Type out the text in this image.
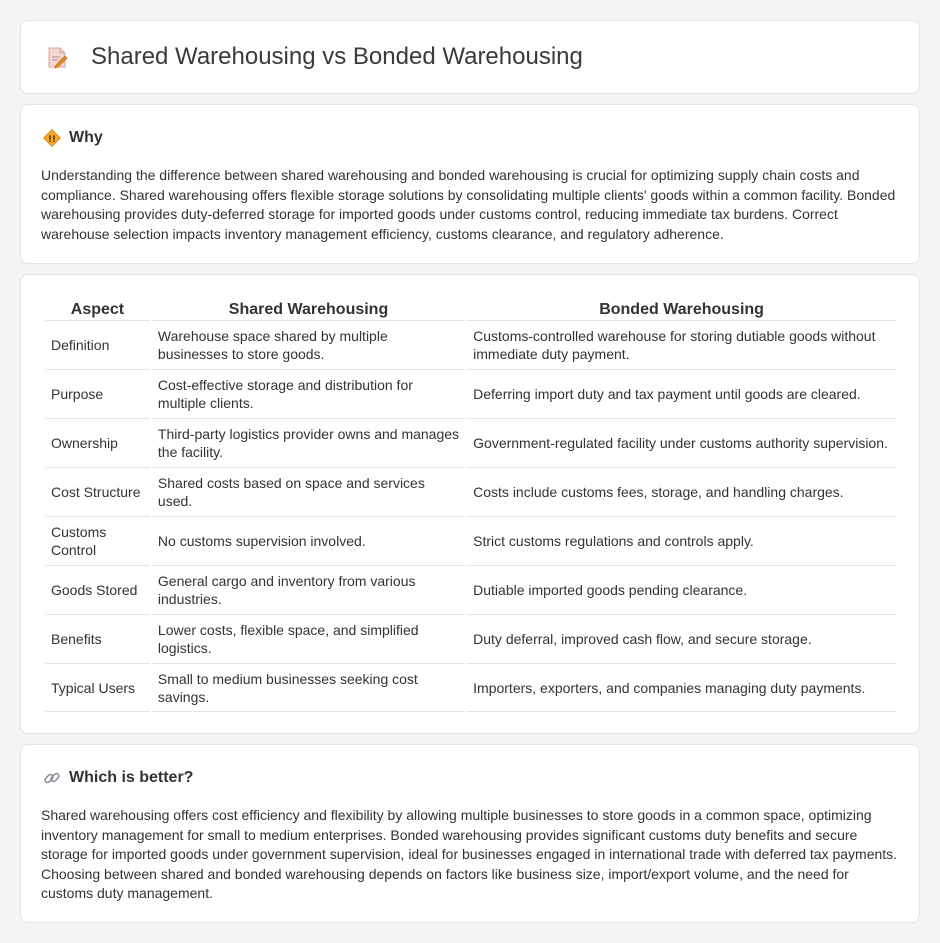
Shared Warehousing vs Bonded Warehousing
Why

Understanding the difference between shared warehousing and bonded warehousing is crucial for optimizing supply chain costs and compliance. Shared warehousing offers flexible storage solutions by consolidating multiple clients' goods within a common facility. Bonded warehousing provides duty-deferred storage for imported goods under customs control, reducing immediate tax burdens. Correct warehouse selection impacts inventory management efficiency, customs clearance, and regulatory adherence.

Aspect	Shared Warehousing	Bonded Warehousing
Definition	Warehouse space shared by multiple businesses to store goods.	Customs-controlled warehouse for storing dutiable goods without immediate duty payment.
Purpose	Cost-effective storage and distribution for multiple clients.	Deferring import duty and tax payment until goods are cleared.
Ownership	Third-party logistics provider owns and manages the facility.	Government-regulated facility under customs authority supervision.
Cost Structure	Shared costs based on space and services used.	Costs include customs fees, storage, and handling charges.
Customs Control	No customs supervision involved.	Strict customs regulations and controls apply.
Goods Stored	General cargo and inventory from various industries.	Dutiable imported goods pending clearance.
Benefits	Lower costs, flexible space, and simplified logistics.	Duty deferral, improved cash flow, and secure storage.
Typical Users	Small to medium businesses seeking cost savings.	Importers, exporters, and companies managing duty payments.
Which is better?

Shared warehousing offers cost efficiency and flexibility by allowing multiple businesses to store goods in a common space, optimizing inventory management for small to medium enterprises. Bonded warehousing provides significant customs duty benefits and secure storage for imported goods under government supervision, ideal for businesses engaged in international trade with deferred tax payments. Choosing between shared and bonded warehousing depends on factors like business size, import/export volume, and the need for customs duty management.
